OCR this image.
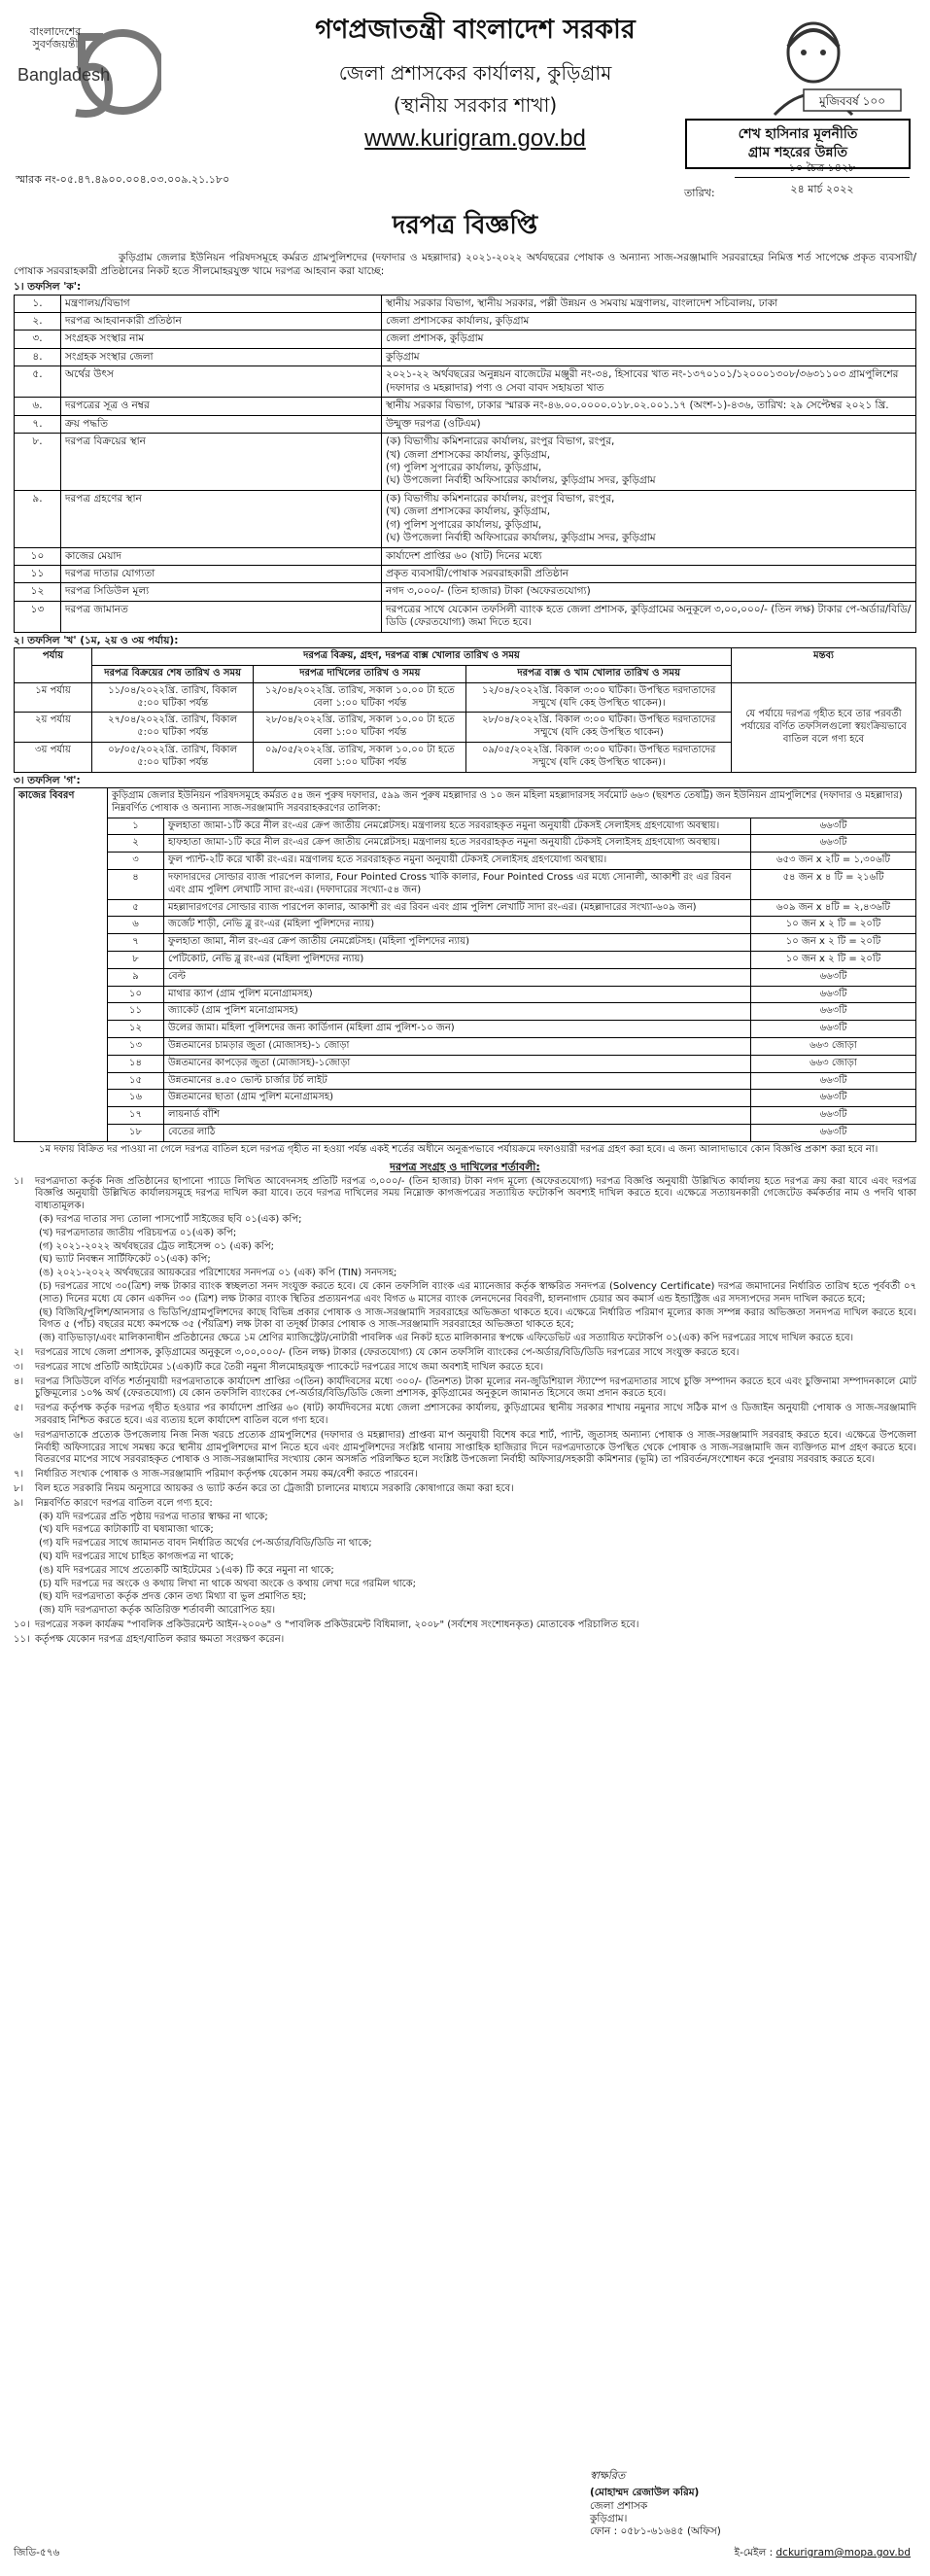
বাংলাদেশের সুবর্ণজয়ন্তী
Bangladesh
গণপ্রজাতন্ত্রী বাংলাদেশ সরকার
জেলা প্রশাসকের কার্যালয়, কুড়িগ্রাম
(স্থানীয় সরকার শাখা)
www.kurigram.gov.bd
মুজিববর্ষ ১০০
শেখ হাসিনার মূলনীতি
গ্রাম শহরের উন্নতি
স্মারক নং-০৫.৪৭.৪৯০০.০০৪.০৩.০০৯.২১.১৮০
তারিখ:
১০ চৈত্র ১৪২৮
২৪ মার্চ ২০২২
দরপত্র বিজ্ঞপ্তি

কুড়িগ্রাম জেলার ইউনিয়ন পরিষদসমূহে কর্মরত গ্রামপুলিশদের (দফাদার ও মহল্লাদার) ২০২১-২০২২ অর্থবছরের পোষাক ও অন্যান্য সাজ-সরঞ্জামাদি সরবরাহের নিমিত্ত শর্ত সাপেক্ষে প্রকৃত ব্যবসায়ী/পোষাক সরবরাহকারী প্রতিষ্ঠানের নিকট হতে সীলমোহরযুক্ত খামে দরপত্র আহবান করা যাচ্ছে:

১। তফসিল 'ক':
১.	মন্ত্রণালয়/বিভাগ	স্থানীয় সরকার বিভাগ, স্থানীয় সরকার, পল্লী উন্নয়ন ও সমবায় মন্ত্রণালয়, বাংলাদেশ সচিবালয়, ঢাকা
২.	দরপত্র আহবানকারী প্রতিষ্ঠান	জেলা প্রশাসকের কার্যালয়, কুড়িগ্রাম
৩.	সংগ্রহক সংস্থার নাম	জেলা প্রশাসক, কুড়িগ্রাম
৪.	সংগ্রহক সংস্থার জেলা	কুড়িগ্রাম
৫.	অর্থের উৎস	২০২১-২২ অর্থবছরের অনুন্নয়ন বাজেটের মঞ্জুরী নং-৩৪, হিসাবের খাত নং-১৩৭০১০১/১২০০০১৩০৮/৩৬৩১১০৩ গ্রামপুলিশের (দফাদার ও মহল্লাদার) পণ্য ও সেবা বাবদ সহায়তা খাত
৬.	দরপত্রের সূত্র ও নম্বর	স্থানীয় সরকার বিভাগ, ঢাকার স্মারক নং-৪৬.০০.০০০০.০১৮.০২.০০১.১৭ (অংশ-১)-৪৩৬, তারিখ: ২৯ সেপ্টেম্বর ২০২১ খ্রি.
৭.	ক্রয় পদ্ধতি	উন্মুক্ত দরপত্র (ওটিএম)
৮.	দরপত্র বিক্রয়ের স্থান	(ক) বিভাগীয় কমিশনারের কার্যালয়, রংপুর বিভাগ, রংপুর,
(খ) জেলা প্রশাসকের কার্যালয়, কুড়িগ্রাম,
(গ) পুলিশ সুপারের কার্যালয়, কুড়িগ্রাম,
(ঘ) উপজেলা নির্বাহী অফিসারের কার্যালয়, কুড়িগ্রাম সদর, কুড়িগ্রাম
৯.	দরপত্র গ্রহণের স্থান	(ক) বিভাগীয় কমিশনারের কার্যালয়, রংপুর বিভাগ, রংপুর,
(খ) জেলা প্রশাসকের কার্যালয়, কুড়িগ্রাম,
(গ) পুলিশ সুপারের কার্যালয়, কুড়িগ্রাম,
(ঘ) উপজেলা নির্বাহী অফিসারের কার্যালয়, কুড়িগ্রাম সদর, কুড়িগ্রাম
১০	কাজের মেয়াদ	কার্যাদেশ প্রাপ্তির ৬০ (ষাট) দিনের মধ্যে
১১	দরপত্র দাতার যোগ্যতা	প্রকৃত ব্যবসায়ী/পোষাক সরবরাহকারী প্রতিষ্ঠান
১২	দরপত্র সিডিউল মূল্য	নগদ ৩,০০০/- (তিন হাজার) টাকা (অফেরতযোগ্য)
১৩	দরপত্র জামানত	দরপত্রের সাথে যেকোন তফসিলী ব্যাংক হতে জেলা প্রশাসক, কুড়িগ্রামের অনুকূলে ৩,০০,০০০/- (তিন লক্ষ) টাকার পে-অর্ডার/বিডি/ডিডি (ফেরতযোগ্য) জমা দিতে হবে।
২। তফসিল 'খ' (১ম, ২য় ও ৩য় পর্যায়):
পর্যায়	দরপত্র বিক্রয়, গ্রহণ, দরপত্র বাক্স খোলার তারিখ ও সময়			মন্তব্য
	দরপত্র বিক্রয়ের শেষ তারিখ ও সময়	দরপত্র দাখিলের তারিখ ও সময়	দরপত্র বাক্স ও খাম খোলার তারিখ ও সময়	
১ম পর্যায়	১১/০৪/২০২২খ্রি. তারিখ, বিকাল ৫:০০ ঘটিকা পর্যন্ত	১২/০৪/২০২২খ্রি. তারিখ, সকাল ১০.০০ টা হতে বেলা ১:০০ ঘটিকা পর্যন্ত	১২/০৪/২০২২খ্রি. বিকাল ৩:০০ ঘটিকা। উপস্থিত দরদাতাদের সম্মুখে (যদি কেহ উপস্থিত থাকেন)।	যে পর্যায়ে দরপত্র গৃহীত হবে তার পরবর্তী পর্যায়ের বর্ণিত তফসিলগুলো স্বয়ংক্রিয়ভাবে বাতিল বলে গণ্য হবে
২য় পর্যায়	২৭/০৪/২০২২খ্রি. তারিখ, বিকাল ৫:০০ ঘটিকা পর্যন্ত	২৮/০৪/২০২২খ্রি. তারিখ, সকাল ১০.০০ টা হতে বেলা ১:০০ ঘটিকা পর্যন্ত	২৮/০৪/২০২২খ্রি. বিকাল ৩:০০ ঘটিকা। উপস্থিত দরদাতাদের সম্মুখে (যদি কেহ উপস্থিত থাকেন)	
৩য় পর্যায়	০৮/০৫/২০২২খ্রি. তারিখ, বিকাল ৫:০০ ঘটিকা পর্যন্ত	০৯/০৫/২০২২খ্রি. তারিখ, সকাল ১০.০০ টা হতে বেলা ১:০০ ঘটিকা পর্যন্ত	০৯/০৫/২০২২খ্রি. বিকাল ৩:০০ ঘটিকা। উপস্থিত দরদাতাদের সম্মুখে (যদি কেহ উপস্থিত থাকেন)।	
৩। তফসিল 'গ':
কাজের বিবরণ	কুড়িগ্রাম জেলার ইউনিয়ন পরিষদসমূহে কর্মরত ৫৪ জন পুরুষ দফাদার, ৫৯৯ জন পুরুষ মহল্লাদার ও ১০ জন মহিলা মহল্লাদারসহ সর্বমোট ৬৬৩ (ছয়শত তেষট্টি) জন ইউনিয়ন গ্রামপুলিশের (দফাদার ও মহল্লাদার) নিম্নবর্ণিত পোষাক ও অন্যান্য সাজ-সরঞ্জামাদি সরবরাহকরণের তালিকা:		
	১	ফুলহাতা জামা-১টি করে নীল রং-এর ক্রেপ জাতীয় নেমপ্লেটসহ। মন্ত্রণালয় হতে সরবরাহকৃত নমুনা অনুযায়ী টেকসই সেলাইসহ গ্রহণযোগ্য অবস্থায়।	৬৬৩টি
	২	হাফহাতা জামা-১টি করে নীল রং-এর ক্রেপ জাতীয় নেমপ্লেটসহ। মন্ত্রণালয় হতে সরবরাহকৃত নমুনা অনুযায়ী টেকসই সেলাইসহ গ্রহণযোগ্য অবস্থায়।	৬৬৩টি
	৩	ফুল প্যান্ট-২টি করে খাকী রং-এর। মন্ত্রণালয় হতে সরবরাহকৃত নমুনা অনুযায়ী টেকসই সেলাইসহ গ্রহণযোগ্য অবস্থায়।	৬৫৩ জন x ২টি = ১,৩০৬টি
	৪	দফাদারদের সোল্ডার ব্যাজ পারপেল কালার, Four Pointed Cross খাকি কালার, Four Pointed Cross এর মধ্যে সোনালী, আকাশী রং এর রিবন এবং গ্রাম পুলিশ লেখাটি সাদা রং-এর। (দফাদারের সংখ্যা-৫৪ জন)	৫৪ জন x ৪ টি = ২১৬টি
	৫	মহল্লাদারগণের সোল্ডার ব্যাজ পারপেল কালার, আকাশী রং এর রিবন এবং গ্রাম পুলিশ লেখাটি সাদা রং-এর। (মহল্লাদারের সংখ্যা-৬০৯ জন)	৬০৯ জন x ৪টি = ২,৪৩৬টি
	৬	জর্জেট শাড়ী, নেভি ব্লু রং-এর (মহিলা পুলিশদের ন্যায়)	১০ জন x ২ টি = ২০টি
	৭	ফুলহাতা জামা, নীল রং-এর ক্রেপ জাতীয় নেমপ্লেটসহ। (মহিলা পুলিশদের ন্যায়)	১০ জন x ২ টি = ২০টি
	৮	পেটিকোট, নেভি ব্লু রং-এর (মহিলা পুলিশদের ন্যায়)	১০ জন x ২ টি = ২০টি
	৯	বেল্ট	৬৬৩টি
	১০	মাথার ক্যাপ (গ্রাম পুলিশ মনোগ্রামসহ)	৬৬৩টি
	১১	জ্যাকেট (গ্রাম পুলিশ মনোগ্রামসহ)	৬৬৩টি
	১২	উলের জামা। মহিলা পুলিশদের জন্য কার্ডিগান (মহিলা গ্রাম পুলিশ-১০ জন)	৬৬৩টি
	১৩	উন্নতমানের চামড়ার জুতা (মোজাসহ)-১ জোড়া	৬৬৩ জোড়া
	১৪	উন্নতমানের কাপড়ের জুতা (মোজাসহ)-১জোড়া	৬৬৩ জোড়া
	১৫	উন্নতমানের ৪.৫০ ভোল্ট চার্জার টর্চ লাইট	৬৬৩টি
	১৬	উন্নতমানের ছাতা (গ্রাম পুলিশ মনোগ্রামসহ)	৬৬৩টি
	১৭	লায়নার্ড বাঁশি	৬৬৩টি
	১৮	বেতের লাঠি	৬৬৩টি

১ম দফায় বিক্রিত দর পাওয়া না গেলে দরপত্র বাতিল হলে দরপত্র গৃহীত না হওয়া পর্যন্ত একই শর্তের অধীনে অনুরূপভাবে পর্যায়ক্রমে দফাওয়ারী দরপত্র গ্রহণ করা হবে। এ জন্য আলাদাভাবে কোন বিজ্ঞপ্তি প্রকাশ করা হবে না।

দরপত্র সংগ্রহ ও দাখিলের শর্তাবলী:
১।	দরপত্রদাতা কর্তৃক নিজ প্রতিষ্ঠানের ছাপানো প্যাডে লিখিত আবেদনসহ প্রতিটি দরপত্র ৩,০০০/- (তিন হাজার) টাকা নগদ মূল্যে (অফেরতযোগ্য) দরপত্র বিজ্ঞপ্তি অনুযায়ী উল্লিখিত কার্যালয় হতে দরপত্র ক্রয় করা যাবে এবং দরপত্র বিজ্ঞপ্তি অনুযায়ী উল্লিখিত কার্যালয়সমূহে দরপত্র দাখিল করা যাবে। তবে দরপত্র দাখিলের সময় নিম্নোক্ত কাগজপত্রের সত্যায়িত ফটোকপি অবশ্যই দাখিল করতে হবে। এক্ষেত্রে সত্যায়নকারী গেজেটেড কর্মকর্তার নাম ও পদবি থাকা বাধ্যতামূলক।
(ক) দরপত্র দাতার সদ্য তোলা পাসপোর্ট সাইজের ছবি ০১(এক) কপি;
(খ) দরপত্রদাতার জাতীয় পরিচয়পত্র ০১(এক) কপি;
(গ) ২০২১-২০২২ অর্থবছরের ট্রেড লাইসেন্স ০১ (এক) কপি;
(ঘ) ভ্যাট নিবন্ধন সার্টিফিকেট ০১(এক) কপি;
(ঙ) ২০২১-২০২২ অর্থবছরের আয়করের পরিশোধের সনদপত্র ০১ (এক) কপি (TIN) সনদসহ;
(চ) দরপত্রের সাথে ৩০(ত্রিশ) লক্ষ টাকার ব্যাংক স্বচ্ছলতা সনদ সংযুক্ত করতে হবে। যে কোন তফসিলি ব্যাংক এর ম্যানেজার কর্তৃক স্বাক্ষরিত সনদপত্র (Solvency Certificate) দরপত্র জমাদানের নির্ধারিত তারিখ হতে পূর্ববর্তী ০৭ (সাত) দিনের মধ্যে যে কোন একদিন ৩০ (ত্রিশ) লক্ষ টাকার ব্যাংক স্থিতির প্রত্যয়নপত্র এবং বিগত ৬ মাসের ব্যাংক লেনদেনের বিবরণী, হালনাগাদ চেয়ার অব কমার্স এন্ড ইন্ডাস্ট্রিজ এর সদস্যপদের সনদ দাখিল করতে হবে;
(ছ) বিজিবি/পুলিশ/আনসার ও ভিডিপি/গ্রামপুলিশদের কাছে বিভিন্ন প্রকার পোষাক ও সাজ-সরঞ্জামাদি সরবরাহের অভিজ্ঞতা থাকতে হবে। এক্ষেত্রে নির্ধারিত পরিমাণ মূল্যের কাজ সম্পন্ন করার অভিজ্ঞতা সনদপত্র দাখিল করতে হবে। বিগত ৫ (পাঁচ) বছরের মধ্যে কমপক্ষে ৩৫ (পঁয়ত্রিশ) লক্ষ টাকা বা তদূর্ধ্ব টাকার পোষাক ও সাজ-সরঞ্জামাদি সরবরাহের অভিজ্ঞতা থাকতে হবে;
(জ) বাড়িভাড়া/এবং মালিকানাধীন প্রতিষ্ঠানের ক্ষেত্রে ১ম শ্রেণির ম্যাজিস্ট্রেট/নোটারী পাবলিক এর নিকট হতে মালিকানার স্বপক্ষে এফিডেভিট এর সত্যায়িত ফটোকপি ০১(এক) কপি দরপত্রের সাথে দাখিল করতে হবে।
২।	দরপত্রের সাথে জেলা প্রশাসক, কুড়িগ্রামের অনুকূলে ৩,০০,০০০/- (তিন লক্ষ) টাকার (ফেরতযোগ্য) যে কোন তফসিলি ব্যাংকের পে-অর্ডার/বিডি/ডিডি দরপত্রের সাথে সংযুক্ত করতে হবে।
৩।	দরপত্রের সাথে প্রতিটি আইটেমের ১(এক)টি করে তৈরী নমুনা সীলমোহরযুক্ত প্যাকেটে দরপত্রের সাথে জমা অবশ্যই দাখিল করতে হবে।
৪।	দরপত্র সিডিউলে বর্ণিত শর্তানুযায়ী দরপত্রদাতাকে কার্যাদেশ প্রাপ্তির ৩(তিন) কার্যদিবসের মধ্যে ৩০০/- (তিনশত) টাকা মূল্যের নন-জুডিশিয়াল স্ট্যাম্পে দরপত্রদাতার সাথে চুক্তি সম্পাদন করতে হবে এবং চুক্তিনামা সম্পাদনকালে মোট চুক্তিমূল্যের ১০% অর্থ (ফেরতযোগ্য) যে কোন তফসিলি ব্যাংকের পে-অর্ডার/বিডি/ডিডি জেলা প্রশাসক, কুড়িগ্রামের অনুকূলে জামানত হিসেবে জমা প্রদান করতে হবে।
৫।	দরপত্র কর্তৃপক্ষ কর্তৃক দরপত্র গৃহীত হওয়ার পর কার্যাদেশ প্রাপ্তির ৬০ (ষাট) কার্যদিবসের মধ্যে জেলা প্রশাসকের কার্যালয়, কুড়িগ্রামের স্থানীয় সরকার শাখায় নমুনার সাথে সঠিক মাপ ও ডিজাইন অনুযায়ী পোষাক ও সাজ-সরঞ্জামাদি সরবরাহ নিশ্চিত করতে হবে। এর ব্যত্যয় হলে কার্যাদেশ বাতিল বলে গণ্য হবে।
৬।	দরপত্রদাতাকে প্রত্যেক উপজেলায় নিজ নিজ খরচে প্রত্যেক গ্রামপুলিশের (দফাদার ও মহল্লাদার) প্রাপ্তব্য মাপ অনুযায়ী বিশেষ করে শার্ট, প্যান্ট, জুতাসহ অন্যান্য পোষাক ও সাজ-সরঞ্জামাদি সরবরাহ করতে হবে। এক্ষেত্রে উপজেলা নির্বাহী অফিসারের সাথে সমন্বয় করে স্থানীয় গ্রামপুলিশদের মাপ নিতে হবে এবং গ্রামপুলিশদের সংশ্লিষ্ট থানায় সাপ্তাহিক হাজিরার দিনে দরপত্রদাতাকে উপস্থিত থেকে পোষাক ও সাজ-সরঞ্জামাদি জন ব্যক্তিগত মাপ গ্রহণ করতে হবে। বিতরণের মাপের সাথে সরবরাহকৃত পোষাক ও সাজ-সরঞ্জামাদির সংখ্যায় কোন অসঙ্গতি পরিলক্ষিত হলে সংশ্লিষ্ট উপজেলা নির্বাহী অফিসার/সহকারী কমিশনার (ভূমি) তা পরিবর্তন/সংশোধন করে পুনরায় সরবরাহ করতে হবে।
৭।	নির্ধারিত সংখ্যক পোষাক ও সাজ-সরঞ্জামাদি পরিমাণ কর্তৃপক্ষ যেকোন সময় কম/বেশী করতে পারবেন।
৮।	বিল হতে সরকারি নিয়ম অনুসারে আয়কর ও ভ্যাট কর্তন করে তা ট্রেজারী চালানের মাধ্যমে সরকারি কোষাগারে জমা করা হবে।
৯।	নিম্নবর্ণিত কারণে দরপত্র বাতিল বলে গণ্য হবে:
(ক) যদি দরপত্রের প্রতি পৃষ্ঠায় দরপত্র দাতার স্বাক্ষর না থাকে;
(খ) যদি দরপত্রে কাটাকাটি বা ঘষামাজা থাকে;
(গ) যদি দরপত্রের সাথে জামানত বাবদ নির্ধারিত অর্থের পে-অর্ডার/বিডি/ডিডি না থাকে;
(ঘ) যদি দরপত্রের সাথে চাহিত কাগজপত্র না থাকে;
(ঙ) যদি দরপত্রের সাথে প্রত্যেকটি আইটেমের ১(এক) টি করে নমুনা না থাকে;
(চ) যদি দরপত্রে দর অংকে ও কথায় লিখা না থাকে অথবা অংকে ও কথায় লেখা দরে গরমিল থাকে;
(ছ) যদি দরপত্রদাতা কর্তৃক প্রদত্ত কোন তথ্য মিথ্যা বা ভুল প্রমাণিত হয়;
(জ) যদি দরপত্রদাতা কর্তৃক অতিরিক্ত শর্তাবলী আরোপিত হয়।
১০। দরপত্রের সকল কার্যক্রম "পাবলিক প্রকিউরমেন্ট আইন-২০০৬" ও "পাবলিক প্রকিউরমেন্ট বিধিমালা, ২০০৮" (সর্বশেষ সংশোধনকৃত) মোতাবেক পরিচালিত হবে।
১১। কর্তৃপক্ষ যেকোন দরপত্র গ্রহণ/বাতিল করার ক্ষমতা সংরক্ষণ করেন।
স্বাক্ষরিত
(মোহাম্মদ রেজাউল করিম)
জেলা প্রশাসক
কুড়িগ্রাম।
ফোন : ০৫৮১-৬১৬৪৫ (অফিস)
জিডি-৫৭৬	ই-মেইল : dckurigram@mopa.gov.bd
